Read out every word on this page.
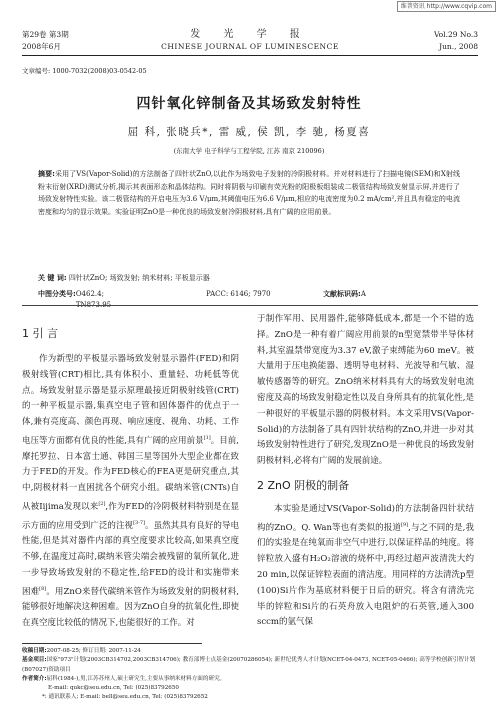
维普资讯 http://www.cqvip.com
第29卷 第3期	发 光 学 报	Vol.29 No.3
2008年6月	CHINESE JOURNAL OF LUMINESCENCE	Jun., 2008
文章编号: 1000-7032(2008)03-0542-05
四针氧化锌制备及其场致发射特性
屈 科, 张晓兵*, 雷 威, 侯 凯, 李 驰, 杨夏喜
(东南大学 电子科学与工程学院, 江苏 南京 210096)
摘要:采用了VS(Vapor-Solid)的方法制备了四针状ZnO,以此作为场致电子发射的冷阴极材料。并对材料进行了扫描电镜(SEM)和X射线粉末衍射(XRD)测试分析,揭示其表面形态和晶体结构。同时将阴极与印刷有荧光粉的阳极板组装成二极管结构场致发射显示屏,并进行了场致发射特性实验。该二极管结构的开启电压为3.6 V/μm,其阈值电压为6.6 V/μm,相应的电流密度为0.2 mA/cm²,并且具有稳定的电流密度和均匀的显示效果。实验证明ZnO是一种优良的场致发射冷阴极材料,具有广阔的应用前景。
关 键 词: 四针状ZnO; 场致发射; 纳米材料; 平板显示器
中图分类号: O462.4; TN873.95
PACC: 6146; 7970	文献标识码: A
1 引 言

作为新型的平板显示器场致发射显示器件(FED)和阴极射线管(CRT)相比,具有体积小、重量轻、功耗低等优点。场致发射显示器是显示原理最接近阴极射线管(CRT)的一种平板显示器,集真空电子管和固体器件的优点于一体,兼有亮度高、颜色再现、响应速度、视角、功耗、工作电压等方面都有优良的性能,具有广阔的应用前景[1]。目前,摩托罗拉、日本富士通、韩国三星等国外大型企业都在致力于FED的开发。作为FED核心的FEA更是研究重点,其中,阴极材料一直困扰各个研究小组。碳纳米管(CNTs)自从被Iijima发现以来[2],作为FED的冷阴极材料特别是在显示方面的应用受到广泛的注视[3-7]。虽然其具有良好的导电性能,但是其对器件内部的真空度要求比较高,如果真空度不够,在温度过高时,碳纳米管尖端会被残留的氧所氧化,进一步导致场致发射的不稳定性,给FED的设计和实施带来困难[8]。用ZnO来替代碳纳米管作为场致发射的阴极材料,能够很好地解决这种困难。因为ZnO自身的抗氧化性,即使在真空度比较低的情况下,也能很好的工作。对

于制作军用、民用器件,能够降低成本,都是一个不错的选择。ZnO是一种有着广阔应用前景的n型宽禁带半导体材料,其室温禁带宽度为3.37 eV,激子束缚能为60 meV。被大量用于压电换能器、透明导电材料、光波导和气敏、湿敏传感器等的研究。ZnO纳米材料具有大的场致发射电流密度及高的场致发射稳定性以及自身所具有的抗氧化性,是一种很好的平板显示器的阴极材料。本文采用VS(Vapor-Solid)的方法制备了具有四针状结构的ZnO,并进一步对其场致发射特性进行了研究,发现ZnO是一种优良的场致发射阴极材料,必将有广阔的发展前途。

2 ZnO 阴极的制备

本实验是通过VS(Vapor-Solid)的方法制备四针状结构的ZnO。Q. Wan等也有类似的报道[9],与之不同的是,我们的实验是在纯氧而非空气中进行,以保证样品的纯度。将锌粒放入盛有H₂O₂溶液的烧杯中,再经过超声波清洗大约20 min,以保证锌粒表面的清洁度。用同样的方法清洗p型(100)Si片作为基底材料便于日后的研究。将含有清洗完毕的锌粒和Si片的石英舟放入电阻炉的石英管,通入300 sccm的氩气保

收稿日期:2007-08-25; 修订日期: 2007-11-24
基金项目:国家"973"计划(2003CB314702,2003CB314706); 教育部博士点基金(20070286054); 新世纪优秀人才计划(NCET-04-0473, NCET-05-0466); 高等学校创新引智计划(B07027)资助项目
作者简介:屈科(1984-),男,江苏苏州人,硕士研究生,主要从事纳米材料方面的研究。
E-mail: qukc@seu.edu.cn, Tel: (025)83792650
*: 通讯联系人; E-mail: bell@seu.edu.cn, Tel: (025)83792652
